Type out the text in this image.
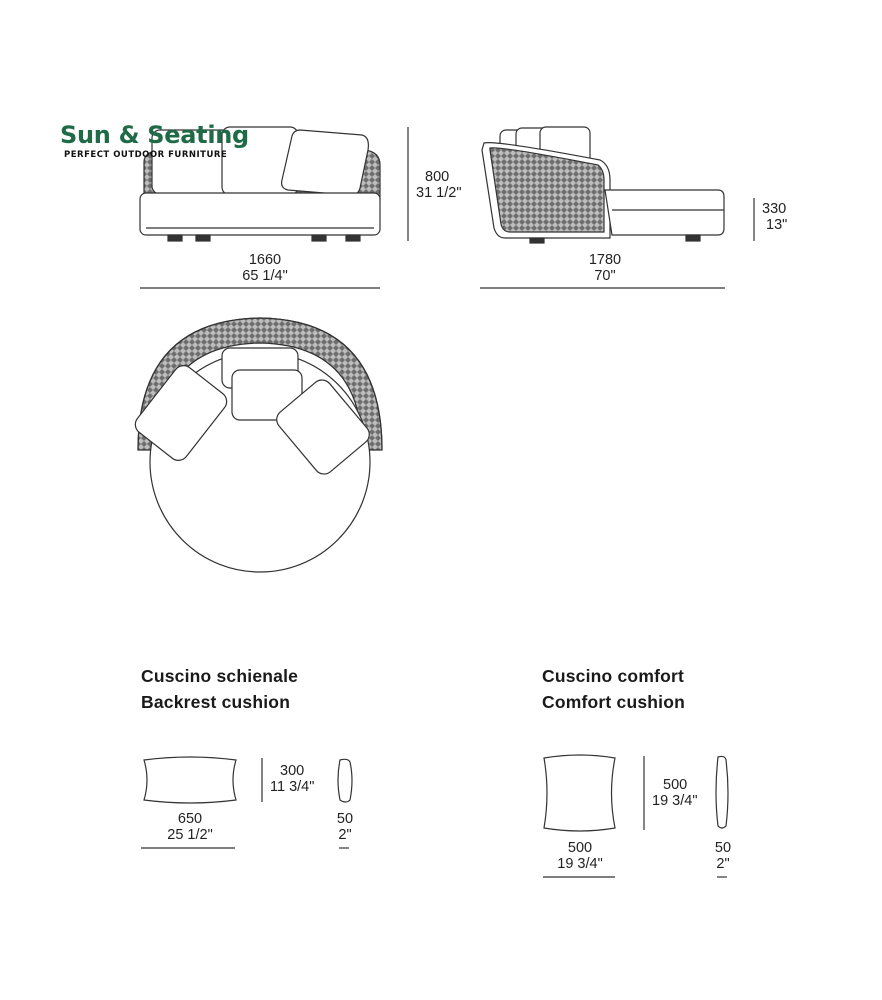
Sun & Seating
PERFECT OUTDOOR FURNITURE
1660
65 1/4"
800
31 1/2"
1780
70"
330
13"
Cuscino schienale
Backrest cushion
650
25 1/2"
300
11 3/4"
50
2"
Cuscino comfort
Comfort cushion
500
19 3/4"
500
19 3/4"
50
2"
